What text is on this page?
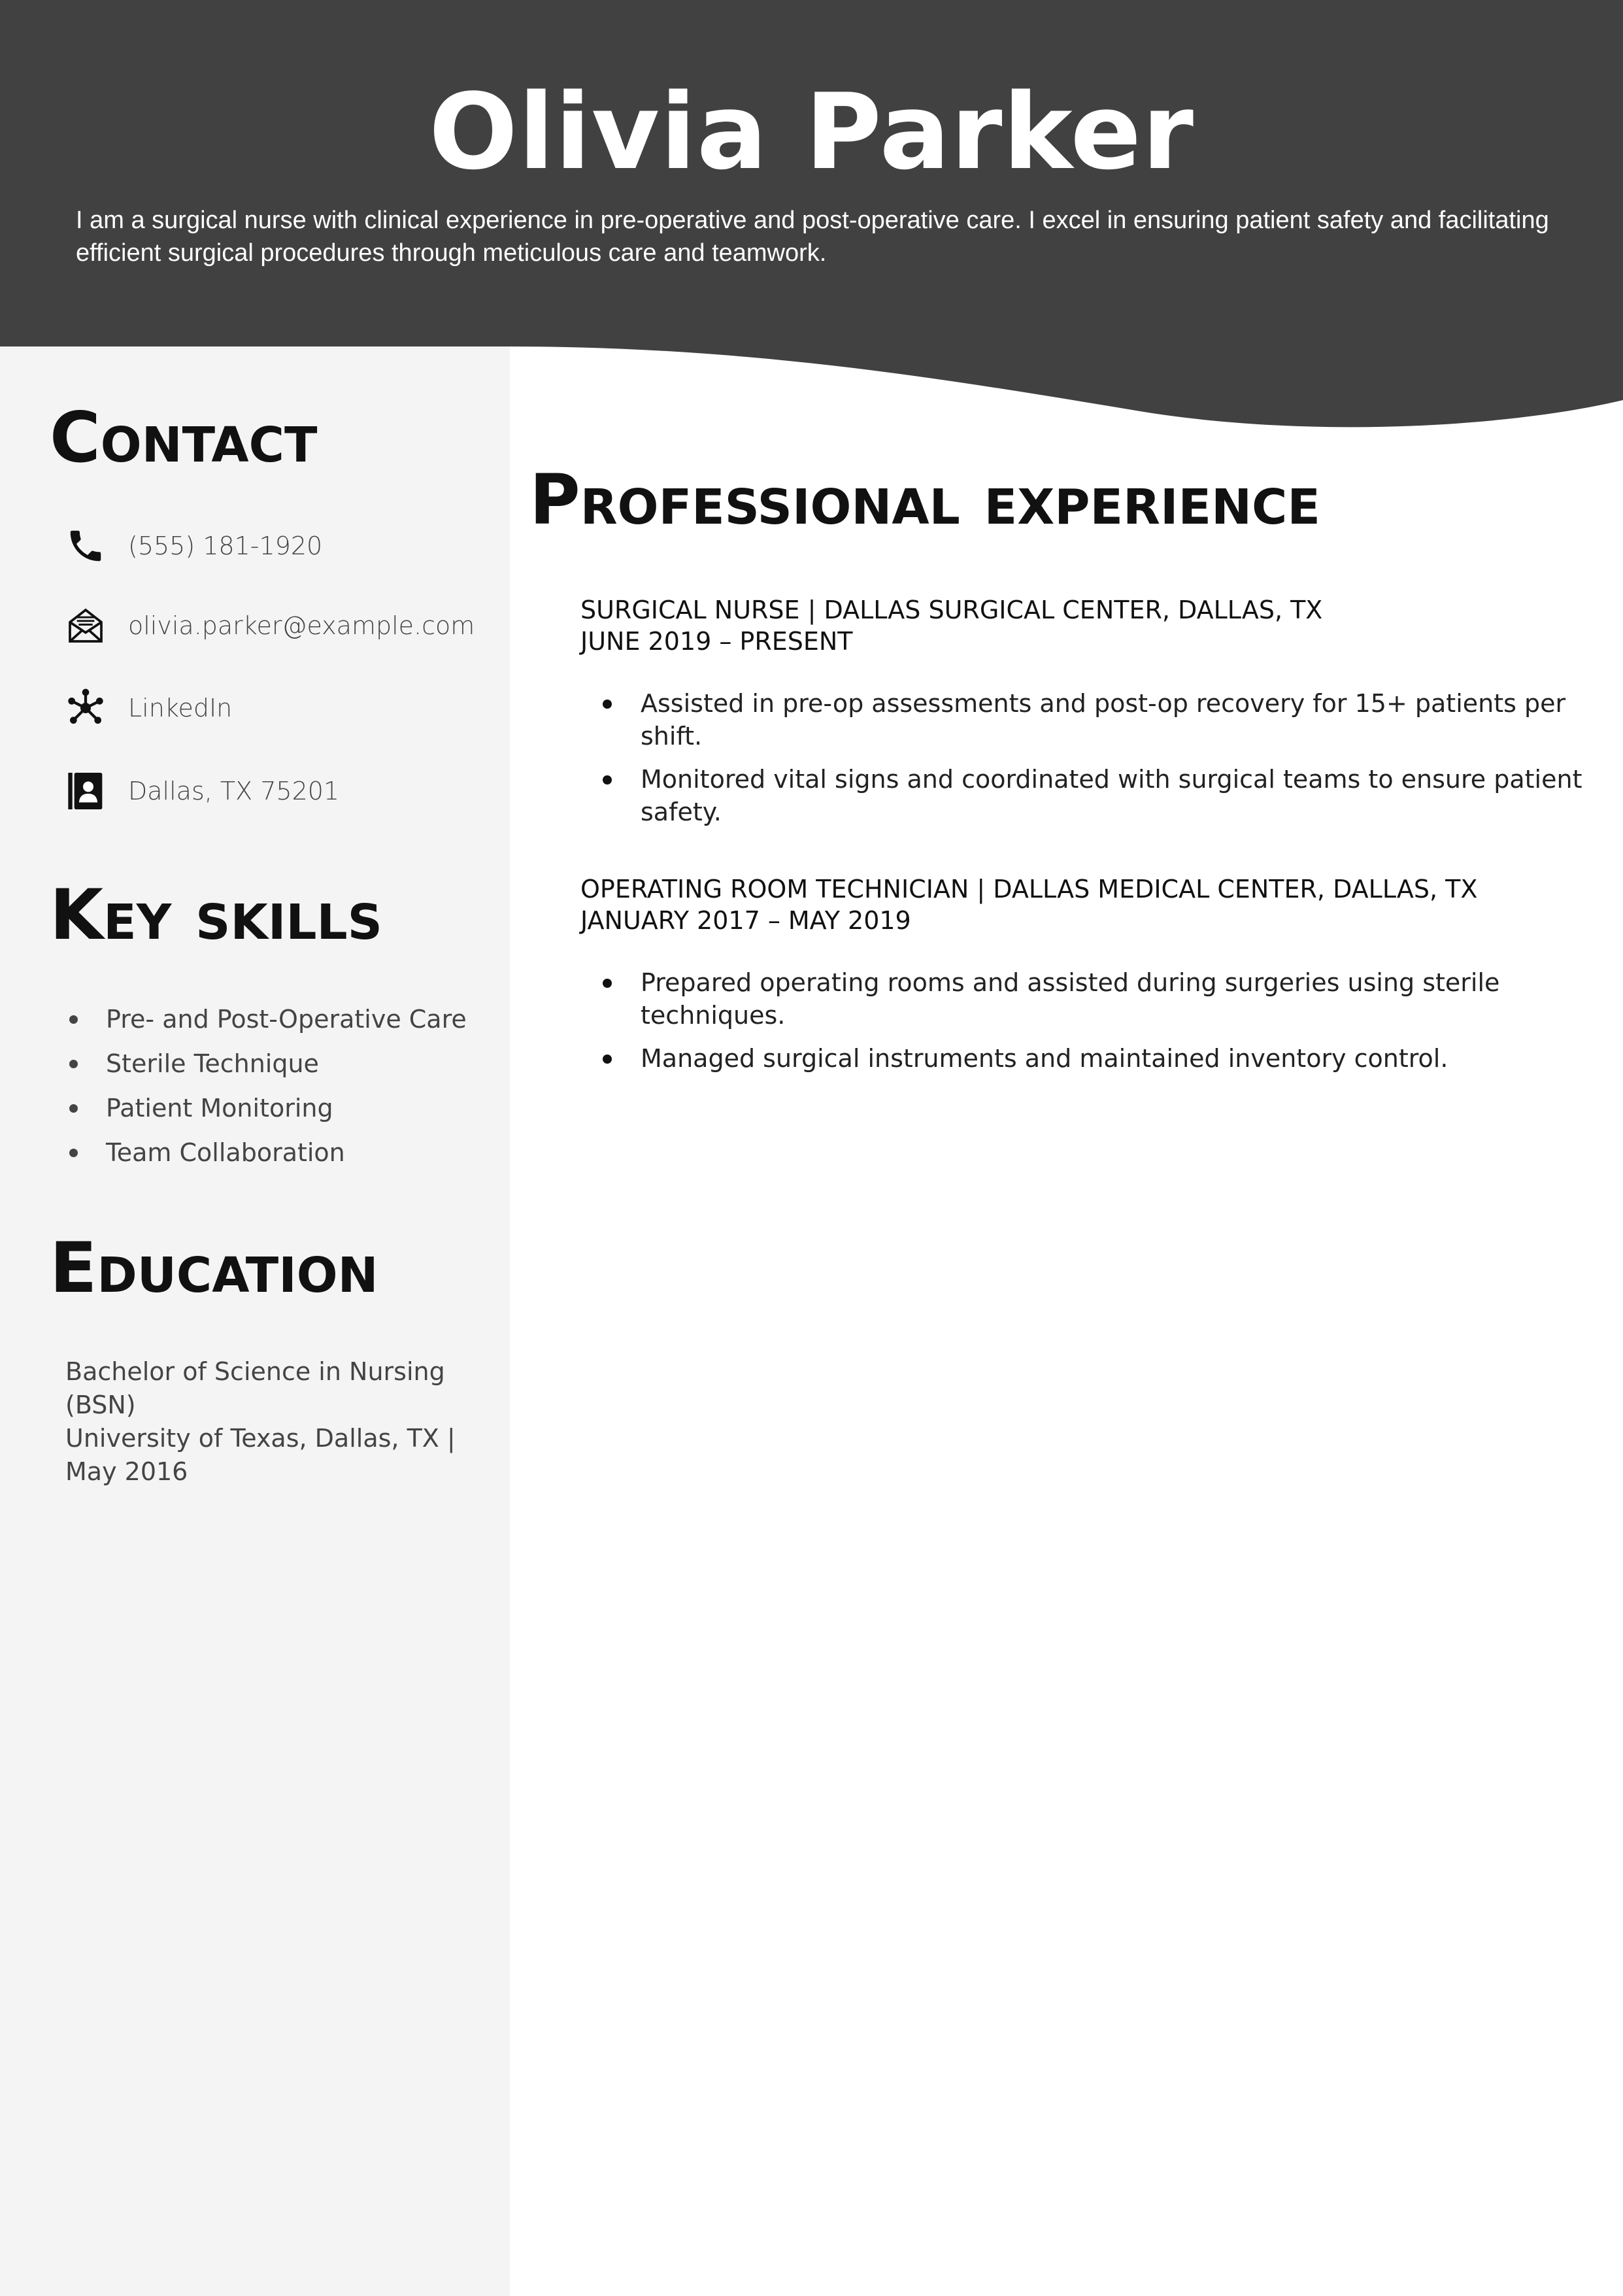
Olivia Parker

I am a surgical nurse with clinical experience in pre-operative and post-operative care. I excel in ensuring patient safety and facilitating efficient surgical procedures through meticulous care and teamwork.

Contact
(555) 181-1920
olivia.parker@example.com
LinkedIn
Dallas, TX 75201
Key skills
Pre- and Post-Operative Care
Sterile Technique
Patient Monitoring
Team Collaboration
Education
Bachelor of Science in Nursing (BSN)
University of Texas, Dallas, TX | May 2016
Professional experience

SURGICAL NURSE | DALLAS SURGICAL CENTER, DALLAS, TX

JUNE 2019 – PRESENT

Assisted in pre-op assessments and post-op recovery for 15+ patients per shift.
Monitored vital signs and coordinated with surgical teams to ensure patient safety.

OPERATING ROOM TECHNICIAN | DALLAS MEDICAL CENTER, DALLAS, TX

JANUARY 2017 – MAY 2019

Prepared operating rooms and assisted during surgeries using sterile techniques.
Managed surgical instruments and maintained inventory control.
